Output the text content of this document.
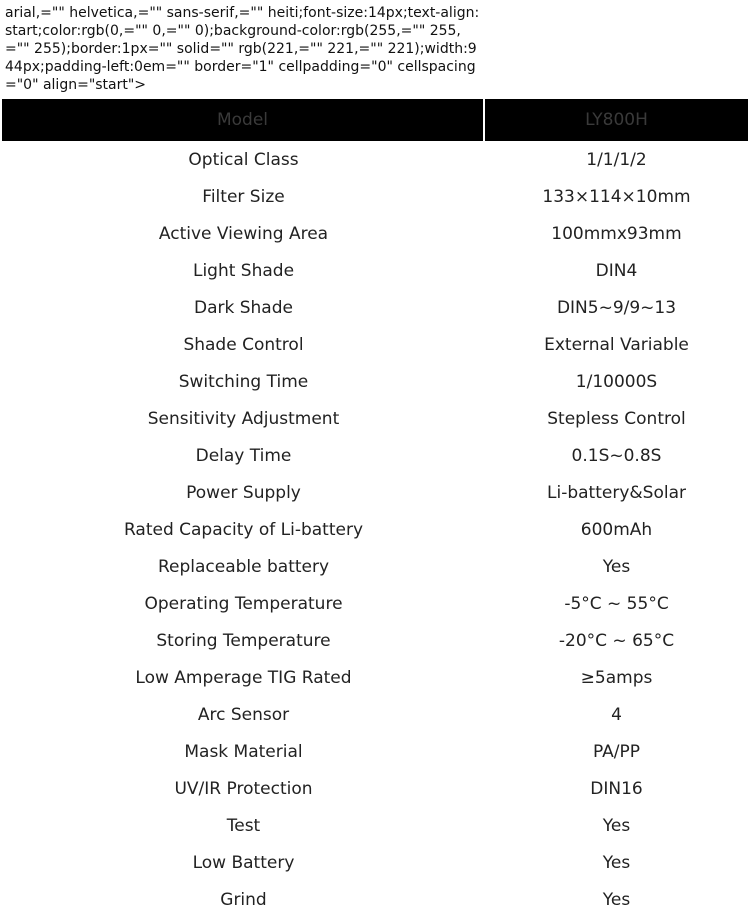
arial,="" helvetica,="" sans-serif,="" heiti;font-size:14px;text-align:start;color:rgb(0,="" 0,="" 0);background-color:rgb(255,="" 255,="" 255);border:1px="" solid="" rgb(221,="" 221,="" 221);width:944px;padding-left:0em="" border="1" cellpadding="0" cellspacing="0" align="start">

Model	LY800H
Optical Class	1/1/1/2
Filter Size	133×114×10mm
Active Viewing Area	100mmx93mm
Light Shade	DIN4
Dark Shade	DIN5~9/9~13
Shade Control	External Variable
Switching Time	1/10000S
Sensitivity Adjustment	Stepless Control
Delay Time	0.1S~0.8S
Power Supply	Li-battery&Solar
Rated Capacity of Li-battery	600mAh
Replaceable battery	Yes
Operating Temperature	-5°C ~ 55°C
Storing Temperature	-20°C ~ 65°C
Low Amperage TIG Rated	≥5amps
Arc Sensor	4
Mask Material	PA/PP
UV/IR Protection	DIN16
Test	Yes
Low Battery	Yes
Grind	Yes
